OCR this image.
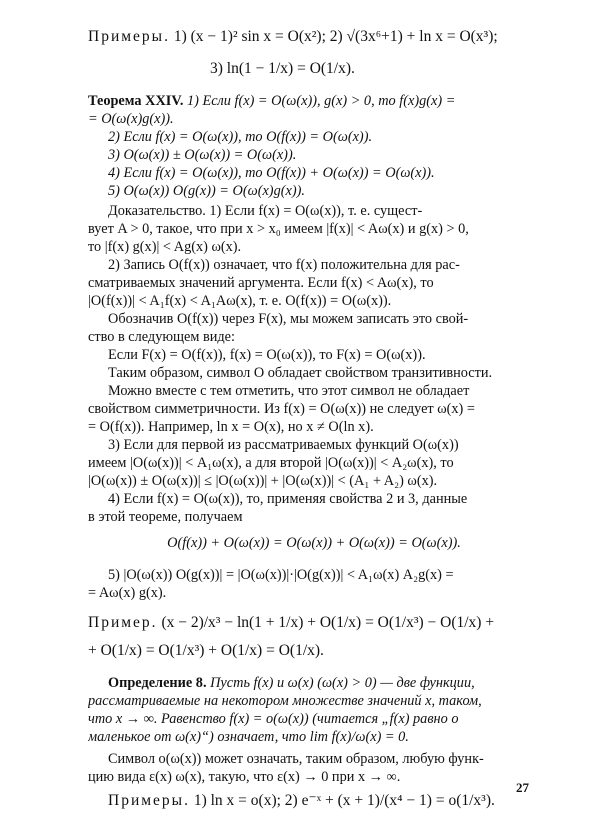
Примеры. 1) (x − 1)² sin x = O(x²); 2) √(3x⁶+1) + ln x = O(x³);
3) ln(1 − 1/x) = O(1/x).
Теорема XXIV. 1) Если f(x) = O(ω(x)), g(x) > 0, то f(x)g(x) =
= O(ω(x)g(x)).
2) Если f(x) = O(ω(x)), то O(f(x)) = O(ω(x)).
3) O(ω(x)) ± O(ω(x)) = O(ω(x)).
4) Если f(x) = O(ω(x)), то O(f(x)) + O(ω(x)) = O(ω(x)).
5) O(ω(x)) O(g(x)) = O(ω(x)g(x)).
Доказательство. 1) Если f(x) = O(ω(x)), т. е. сущест-
вует A > 0, такое, что при x > x₀ имеем |f(x)| < Aω(x) и g(x) > 0,
то |f(x) g(x)| < Ag(x) ω(x).
2) Запись O(f(x)) означает, что f(x) положительна для рас-
сматриваемых значений аргумента. Если f(x) < Aω(x), то
|O(f(x))| < A₁f(x) < A₁Aω(x), т. е. O(f(x)) = O(ω(x)).
Обозначив O(f(x)) через F(x), мы можем записать это свой-
ство в следующем виде:
Если F(x) = O(f(x)), f(x) = O(ω(x)), то F(x) = O(ω(x)).
Таким образом, символ O обладает свойством транзитивности.
Можно вместе с тем отметить, что этот символ не обладает
свойством симметричности. Из f(x) = O(ω(x)) не следует ω(x) =
= O(f(x)). Например, ln x = O(x), но x ≠ O(ln x).
3) Если для первой из рассматриваемых функций O(ω(x))
имеем |O(ω(x))| < A₁ω(x), а для второй |O(ω(x))| < A₂ω(x), то
|O(ω(x)) ± O(ω(x))| ≤ |O(ω(x))| + |O(ω(x))| < (A₁ + A₂) ω(x).
4) Если f(x) = O(ω(x)), то, применяя свойства 2 и 3, данные
в этой теореме, получаем
O(f(x)) + O(ω(x)) = O(ω(x)) + O(ω(x)) = O(ω(x)).
5) |O(ω(x)) O(g(x))| = |O(ω(x))|·|O(g(x))| < A₁ω(x) A₂g(x) =
= Aω(x) g(x).
Пример. (x − 2)/x³ − ln(1 + 1/x) + O(1/x) = O(1/x³) − O(1/x) +
+ O(1/x) = O(1/x³) + O(1/x) = O(1/x).
Определение 8. Пусть f(x) и ω(x) (ω(x) > 0) — две функции,
рассматриваемые на некотором множестве значений x, таком,
что x → ∞. Равенство f(x) = o(ω(x)) (читается „f(x) равно o
маленькое от ω(x)“) означает, что lim f(x)/ω(x) = 0.
Символ o(ω(x)) может означать, таким образом, любую функ-
цию вида ε(x) ω(x), такую, что ε(x) → 0 при x → ∞.
Примеры. 1) ln x = o(x); 2) e⁻ˣ + (x + 1)/(x⁴ − 1) = o(1/x³).
27
